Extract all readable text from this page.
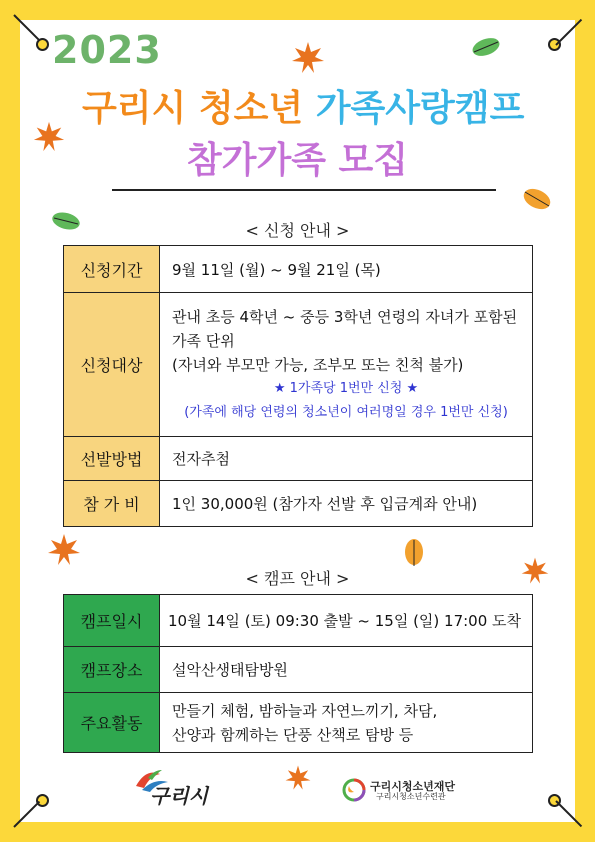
2023
구리시 청소년 가족사랑캠프
참가가족 모집
< 신청 안내 >
신청기간	9월 11일 (월) ~ 9월 21일 (목)
신청대상	관내 초등 4학년 ~ 중등 3학년 연령의 자녀가 포함된
가족 단위
(자녀와 부모만 가능, 조부모 또는 친척 불가)
★ 1가족당 1번만 신청 ★
(가족에 해당 연령의 청소년이 여러명일 경우 1번만 신청)

선발방법	전자추첨
참 가 비	1인 30,000원 (참가자 선발 후 입금계좌 안내)
< 캠프 안내 >
캠프일시	10월 14일 (토) 09:30 출발 ~ 15일 (일) 17:00 도착
캠프장소	설악산생태탐방원
주요활동	만들기 체험, 밤하늘과 자연느끼기, 차담,
산양과 함께하는 단풍 산책로 탐방 등
구리시	구리시청소년재단
구리시청소년수련관
